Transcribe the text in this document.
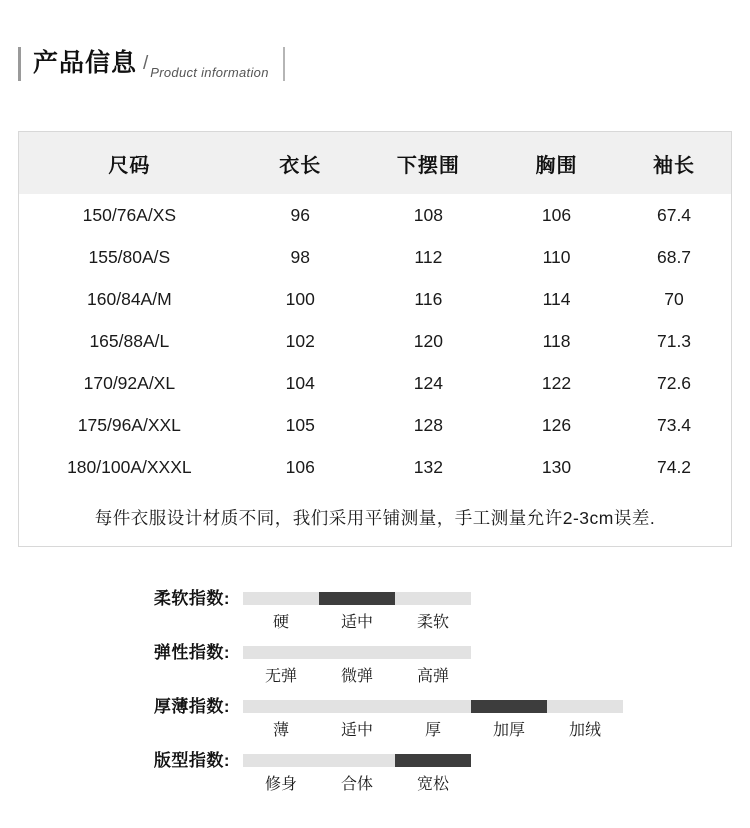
产品信息 / Product information
尺码	衣长	下摆围	胸围	袖长
150/76A/XS	96	108	106	67.4
155/80A/S	98	112	110	68.7
160/84A/M	100	116	114	70
165/88A/L	102	120	118	71.3
170/92A/XL	104	124	122	72.6
175/96A/XXL	105	128	126	73.4
180/100A/XXXL	106	132	130	74.2
每件衣服设计材质不同，我们采用平铺测量，手工测量允许2-3cm误差.				
柔软指数:
硬	适中	柔软
弹性指数:
无弹	微弹	高弹
厚薄指数:
薄	适中	厚	加厚	加绒
版型指数:
修身	合体	宽松
